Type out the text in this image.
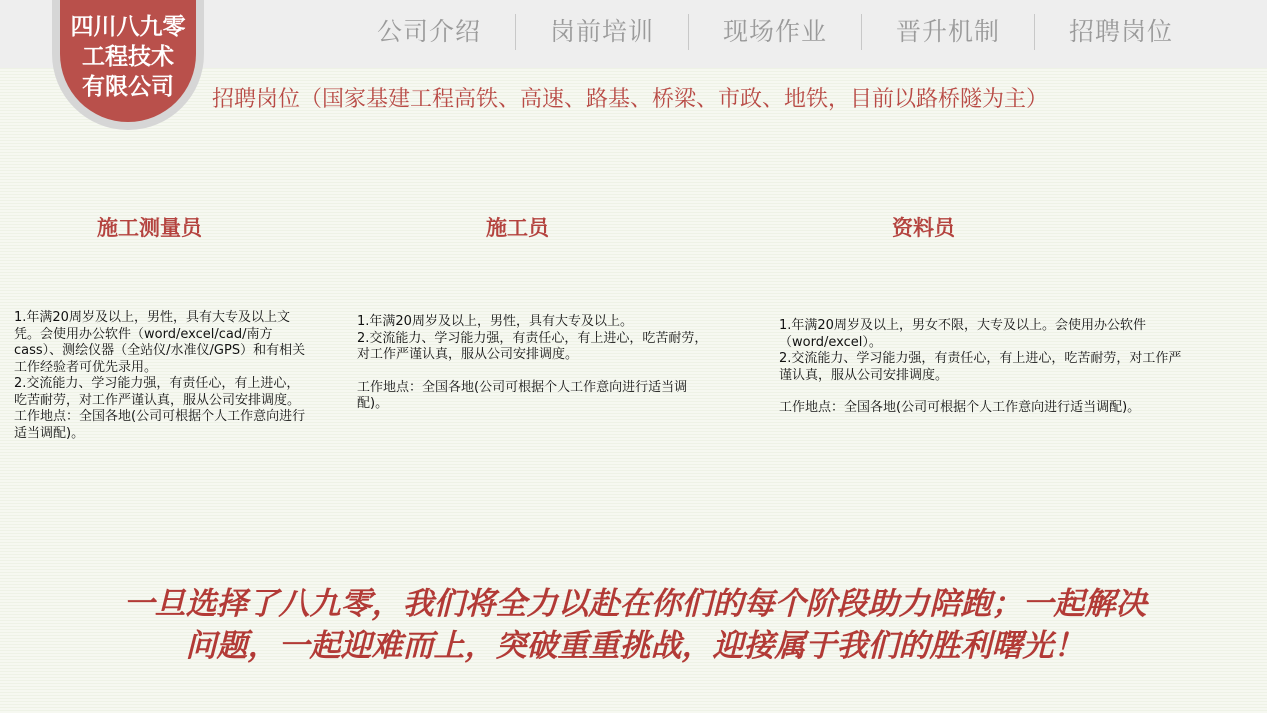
四川八九零
工程技术
有限公司
公司介绍	岗前培训	现场作业	晋升机制	招聘岗位
招聘岗位（国家基建工程高铁、高速、路基、桥梁、市政、地铁，目前以路桥隧为主）
施工测量员

1.年满20周岁及以上，男性，具有大专及以上文凭。会使用办公软件（word/excel/cad/南方cass）、测绘仪器（全站仪/水准仪/GPS）和有相关工作经验者可优先录用。

2.交流能力、学习能力强，有责任心，有上进心，吃苦耐劳，对工作严谨认真，服从公司安排调度。

工作地点：全国各地(公司可根据个人工作意向进行适当调配)。

施工员

1.年满20周岁及以上，男性，具有大专及以上。

2.交流能力、学习能力强，有责任心，有上进心，吃苦耐劳，对工作严谨认真，服从公司安排调度。

工作地点：全国各地(公司可根据个人工作意向进行适当调配)。

资料员

1.年满20周岁及以上，男女不限，大专及以上。会使用办公软件（word/excel）。

2.交流能力、学习能力强，有责任心，有上进心，吃苦耐劳，对工作严谨认真，服从公司安排调度。

工作地点：全国各地(公司可根据个人工作意向进行适当调配)。

一旦选择了八九零，我们将全力以赴在你们的每个阶段助力陪跑；一起解决
问题，一起迎难而上，突破重重挑战，迎接属于我们的胜利曙光！
